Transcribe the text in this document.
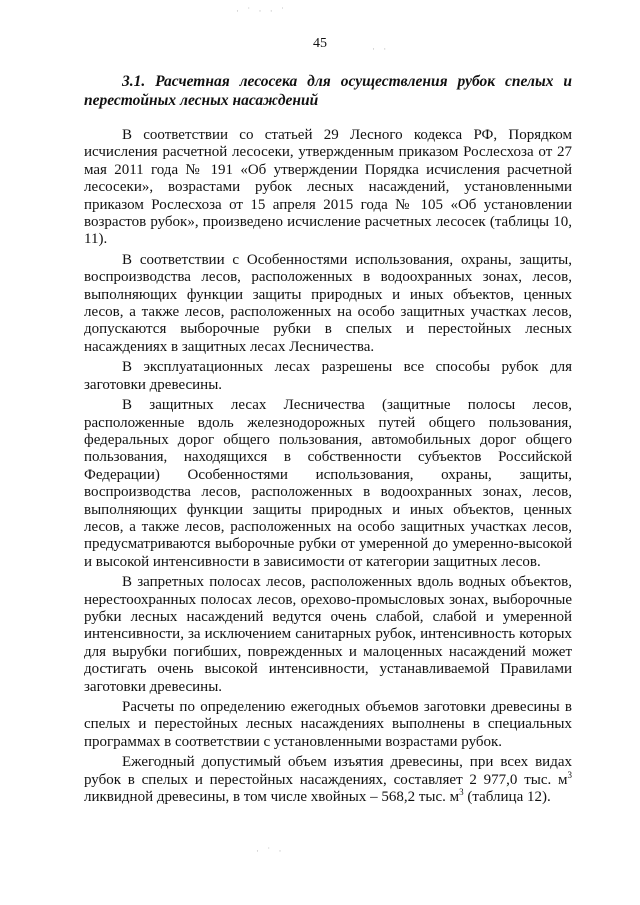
· ˙ · · ˙
· ·
45
3.1. Расчетная лесосека для осуществления рубок спелых и перестойных лесных насаждений

В соответствии со статьей 29 Лесного кодекса РФ, Порядком исчисления расчетной лесосеки, утвержденным приказом Рослесхоза от 27 мая 2011 года № 191 «Об утверждении Порядка исчисления расчетной лесосеки», возрастами рубок лесных насаждений, установленными приказом Рослесхоза от 15 апреля 2015 года № 105 «Об установлении возрастов рубок», произведено исчисление расчетных лесосек (таблицы 10, 11).

В соответствии с Особенностями использования, охраны, защиты, воспроизводства лесов, расположенных в водоохранных зонах, лесов, выполняющих функции защиты природных и иных объектов, ценных лесов, а также лесов, расположенных на особо защитных участках лесов, допускаются выборочные рубки в спелых и перестойных лесных насаждениях в защитных лесах Лесничества.

В эксплуатационных лесах разрешены все способы рубок для заготовки древесины.

В защитных лесах Лесничества (защитные полосы лесов, расположенные вдоль железнодорожных путей общего пользования, федеральных дорог общего пользования, автомобильных дорог общего пользования, находящихся в собственности субъектов Российской Федерации) Особенностями использования, охраны, защиты, воспроизводства лесов, расположенных в водоохранных зонах, лесов, выполняющих функции защиты природных и иных объектов, ценных лесов, а также лесов, расположенных на особо защитных участках лесов, предусматриваются выборочные рубки от умеренной до умеренно-высокой и высокой интенсивности в зависимости от категории защитных лесов.

В запретных полосах лесов, расположенных вдоль водных объектов, нерестоохранных полосах лесов, орехово-промысловых зонах, выборочные рубки лесных насаждений ведутся очень слабой, слабой и умеренной интенсивности, за исключением санитарных рубок, интенсивность которых для вырубки погибших, поврежденных и малоценных насаждений может достигать очень высокой интенсивности, устанавливаемой Правилами заготовки древесины.

Расчеты по определению ежегодных объемов заготовки древесины в спелых и перестойных лесных насаждениях выполнены в специальных программах в соответствии с установленными возрастами рубок.

Ежегодный допустимый объем изъятия древесины, при всех видах рубок в спелых и перестойных насаждениях, составляет 2 977,0 тыс. $м^3$ ликвидной древесины, в том числе хвойных – 568,2 тыс. $м^3$ (таблица 12).

· ˙ ·
